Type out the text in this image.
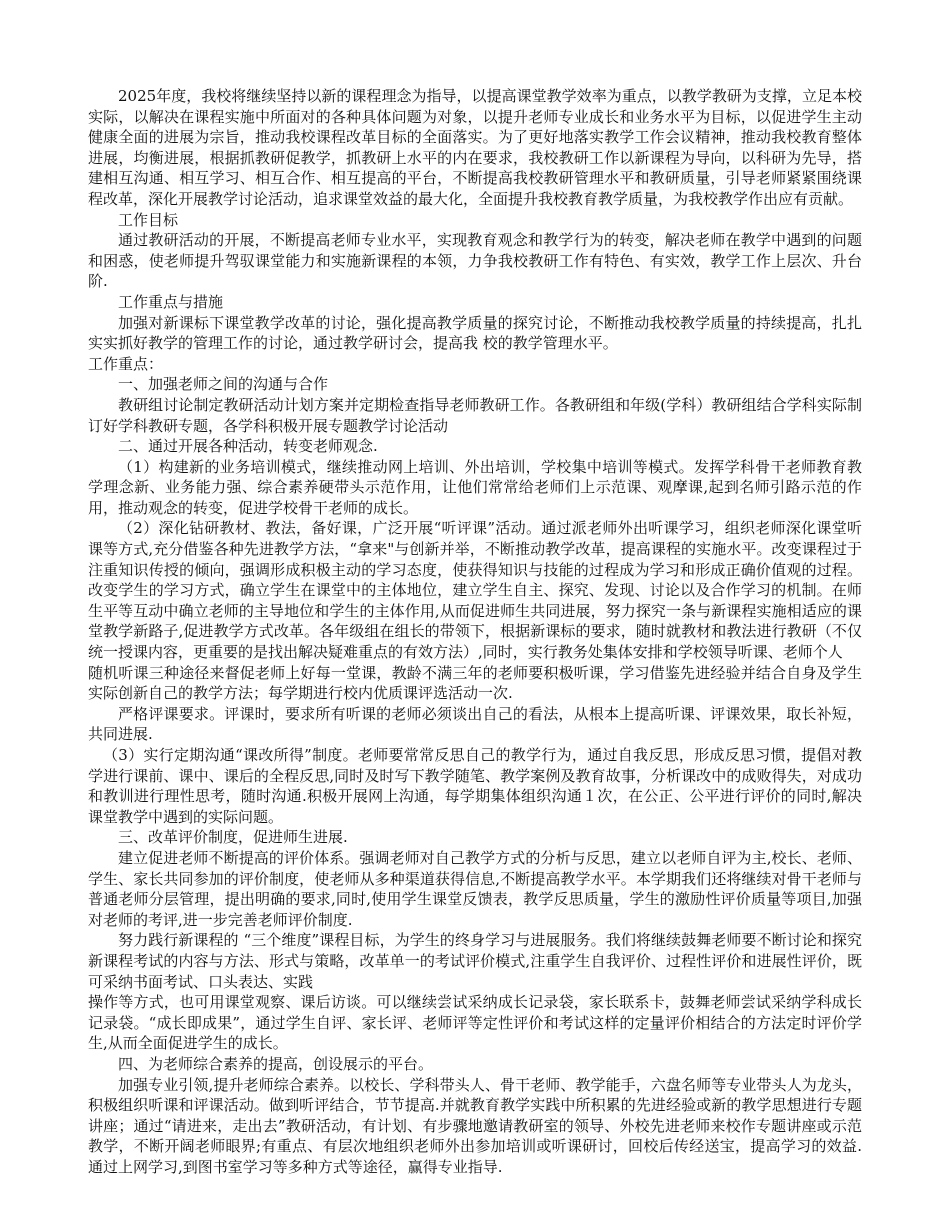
2025年度，我校将继续坚持以新的课程理念为指导，以提高课堂教学效率为重点，以教学教研为支撑，立足本校实际，以解决在课程实施中所面对的各种具体问题为对象，以提升老师专业成长和业务水平为目标，以促进学生主动健康全面的进展为宗旨，推动我校课程改革目标的全面落实。为了更好地落实教学工作会议精神，推动我校教育整体进展，均衡进展，根据抓教研促教学，抓教研上水平的内在要求，我校教研工作以新课程为导向，以科研为先导，搭建相互沟通、相互学习、相互合作、相互提高的平台，不断提高我校教研管理水平和教研质量，引导老师紧紧围绕课程改革，深化开展教学讨论活动，追求课堂效益的最大化，全面提升我校教育教学质量，为我校教学作出应有贡献。

工作目标

通过教研活动的开展，不断提高老师专业水平，实现教育观念和教学行为的转变，解决老师在教学中遇到的问题和困惑，使老师提升驾驭课堂能力和实施新课程的本领，力争我校教研工作有特色、有实效，教学工作上层次、升台阶.

工作重点与措施

加强对新课标下课堂教学改革的讨论，强化提高教学质量的探究讨论，不断推动我校教学质量的持续提高，扎扎实实抓好教学的管理工作的讨论，通过教学研讨会，提高我 校的教学管理水平。

工作重点：

一、加强老师之间的沟通与合作

教研组讨论制定教研活动计划方案并定期检查指导老师教研工作。各教研组和年级(学科）教研组结合学科实际制订好学科教研专题，各学科积极开展专题教学讨论活动

二、通过开展各种活动，转变老师观念.

（1）构建新的业务培训模式，继续推动网上培训、外出培训，学校集中培训等模式。发挥学科骨干老师教育教学理念新、业务能力强、综合素养硬带头示范作用，让他们常常给老师们上示范课、观摩课,起到名师引路示范的作用，推动观念的转变，促进学校骨干老师的成长。

（2）深化钻研教材、教法，备好课，广泛开展“听评课”活动。通过派老师外出听课学习，组织老师深化课堂听课等方式,充分借鉴各种先进教学方法，“拿来"与创新并举，不断推动教学改革，提高课程的实施水平。改变课程过于注重知识传授的倾向，强调形成积极主动的学习态度，使获得知识与技能的过程成为学习和形成正确价值观的过程。改变学生的学习方式，确立学生在课堂中的主体地位，建立学生自主、探究、发现、讨论以及合作学习的机制。在师生平等互动中确立老师的主导地位和学生的主体作用,从而促进师生共同进展，努力探究一条与新课程实施相适应的课堂教学新路子,促进教学方式改革。各年级组在组长的带领下，根据新课标的要求，随时就教材和教法进行教研（不仅统一授课内容，更重要的是找出解决疑难重点的有效方法）,同时，实行教务处集体安排和学校领导听课、老师个人

随机听课三种途径来督促老师上好每一堂课，教龄不满三年的老师要积极听课，学习借鉴先进经验并结合自身及学生实际创新自己的教学方法；每学期进行校内优质课评选活动一次.

严格评课要求。评课时，要求所有听课的老师必须谈出自己的看法，从根本上提高听课、评课效果，取长补短，共同进展.

（3）实行定期沟通“课改所得”制度。老师要常常反思自己的教学行为，通过自我反思，形成反思习惯，提倡对教学进行课前、课中、课后的全程反思,同时及时写下教学随笔、教学案例及教育故事，分析课改中的成败得失，对成功和教训进行理性思考，随时沟通.积极开展网上沟通，每学期集体组织沟通１次，在公正、公平进行评价的同时,解决课堂教学中遇到的实际问题。

三、改革评价制度，促进师生进展.

建立促进老师不断提高的评价体系。强调老师对自己教学方式的分析与反思，建立以老师自评为主,校长、老师、学生、家长共同参加的评价制度，使老师从多种渠道获得信息,不断提高教学水平。本学期我们还将继续对骨干老师与普通老师分层管理，提出明确的要求,同时,使用学生课堂反馈表，教学反思质量，学生的激励性评价质量等项目,加强对老师的考评,进一步完善老师评价制度.

努力践行新课程的 “三个维度”课程目标，为学生的终身学习与进展服务。我们将继续鼓舞老师要不断讨论和探究新课程考试的内容与方法、形式与策略，改革单一的考试评价模式,注重学生自我评价、过程性评价和进展性评价，既可采纳书面考试、口头表达、实践

操作等方式，也可用课堂观察、课后访谈。可以继续尝试采纳成长记录袋，家长联系卡，鼓舞老师尝试采纳学科成长记录袋。“成长即成果”，通过学生自评、家长评、老师评等定性评价和考试这样的定量评价相结合的方法定时评价学生,从而全面促进学生的成长。

四、为老师综合素养的提高，创设展示的平台。

加强专业引领,提升老师综合素养。以校长、学科带头人、骨干老师、教学能手，六盘名师等专业带头人为龙头，积极组织听课和评课活动。做到听评结合，节节提高.并就教育教学实践中所积累的先进经验或新的教学思想进行专题讲座；通过“请进来，走出去”教研活动，有计划、有步骤地邀请教研室的领导、外校先进老师来校作专题讲座或示范教学，不断开阔老师眼界;有重点、有层次地组织老师外出参加培训或听课研讨，回校后传经送宝，提高学习的效益.通过上网学习,到图书室学习等多种方式等途径，赢得专业指导.
